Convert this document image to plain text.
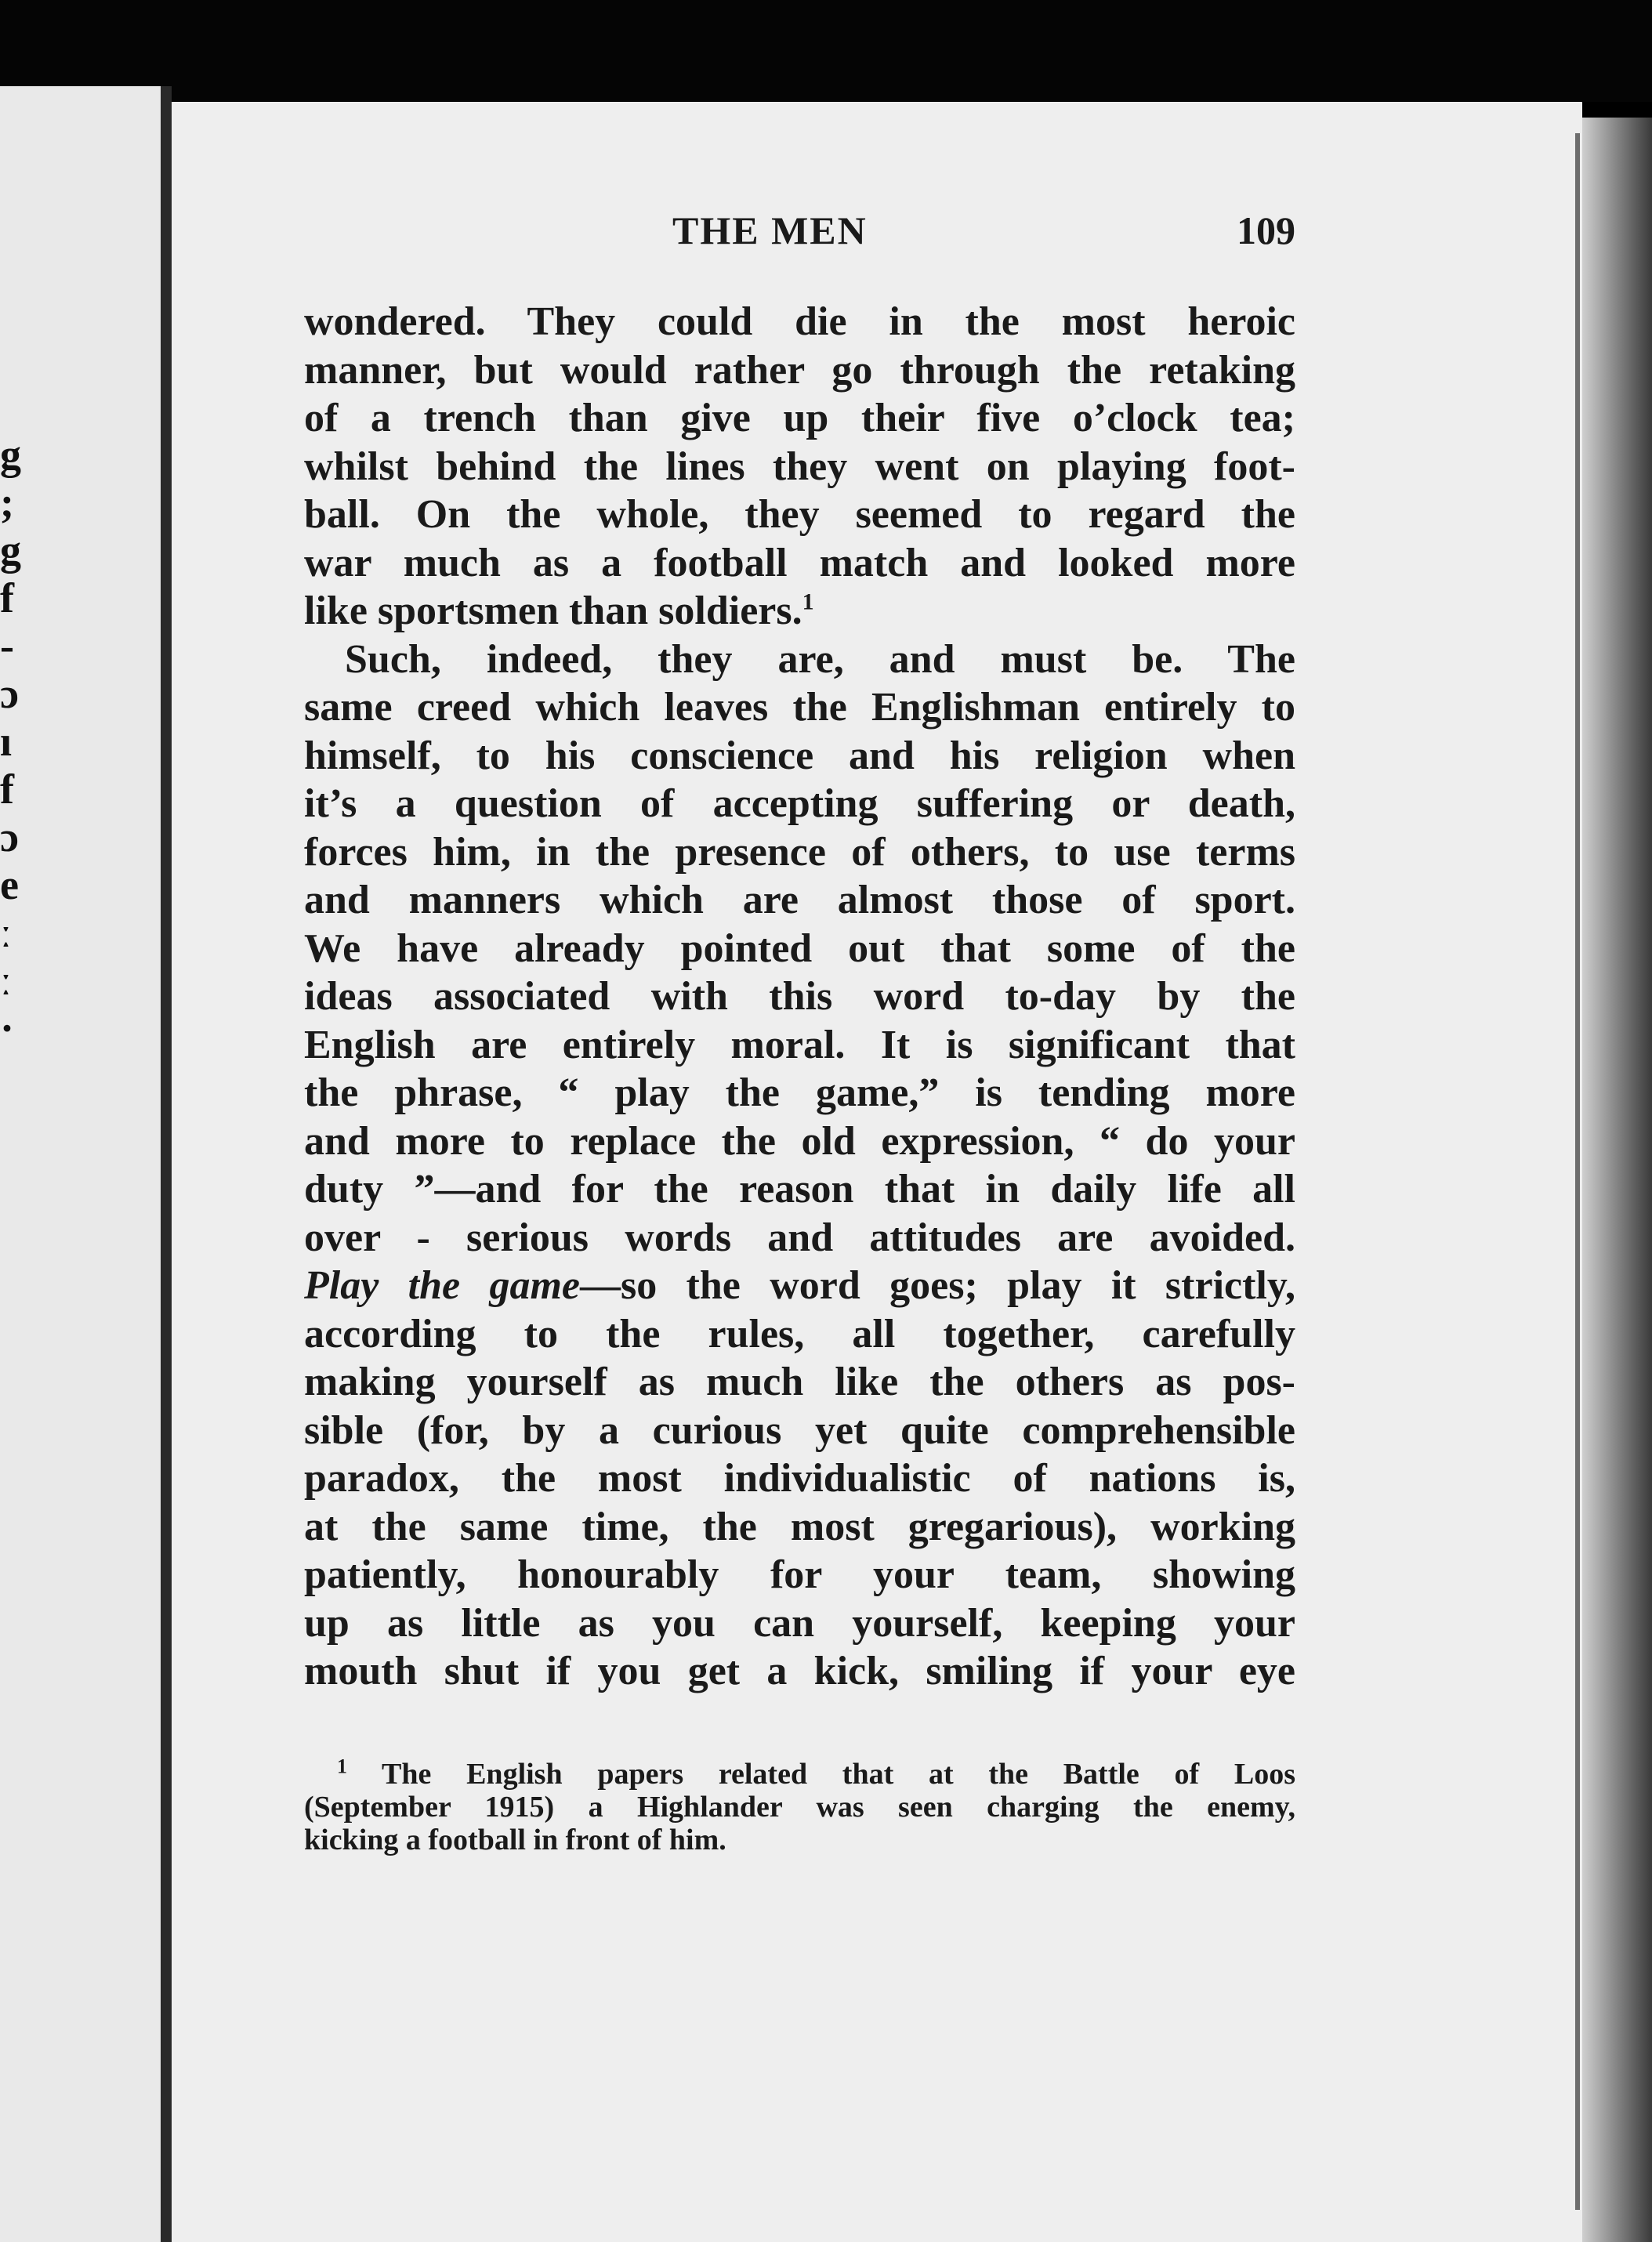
g
;
g
f
-
ɔ
ı
f
ɔ
e
ː
ː
·
THE MEN	109
wondered. They could die in the most heroic
manner, but would rather go through the retaking
of a trench than give up their five o’clock tea;
whilst behind the lines they went on playing foot-
ball. On the whole, they seemed to regard the
war much as a football match and looked more
like sportsmen than soldiers.$^1$
Such, indeed, they are, and must be. The
same creed which leaves the Englishman entirely to
himself, to his conscience and his religion when
it’s a question of accepting suffering or death,
forces him, in the presence of others, to use terms
and manners which are almost those of sport.
We have already pointed out that some of the
ideas associated with this word to-day by the
English are entirely moral. It is significant that
the phrase, “ play the game,” is tending more
and more to replace the old expression, “ do your
duty ”—and for the reason that in daily life all
over - serious words and attitudes are avoided.
Play the game—so the word goes; play it strictly,
according to the rules, all together, carefully
making yourself as much like the others as pos-
sible (for, by a curious yet quite comprehensible
paradox, the most individualistic of nations is,
at the same time, the most gregarious), working
patiently, honourably for your team, showing
up as little as you can yourself, keeping your
mouth shut if you get a kick, smiling if your eye
$^1$ The English papers related that at the Battle of Loos
(September 1915) a Highlander was seen charging the enemy,
kicking a football in front of him.
